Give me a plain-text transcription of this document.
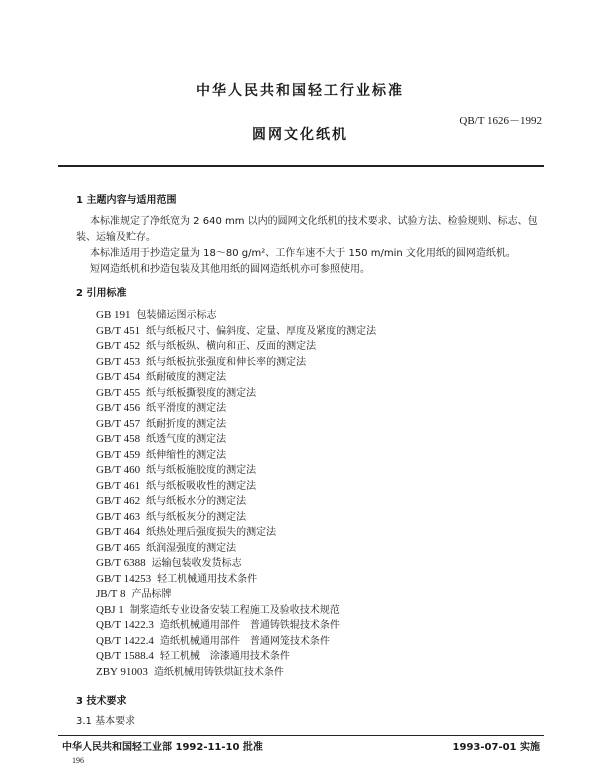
中华人民共和国轻工行业标准
QB/T 1626－1992
圆网文化纸机
1 主题内容与适用范围
本标准规定了净纸宽为 2 640 mm 以内的圆网文化纸机的技术要求、试验方法、检验规则、标志、包
装、运输及贮存。
本标准适用于抄造定量为 18～80 g/m²、工作车速不大于 150 m/min 文化用纸的圆网造纸机。
短网造纸机和抄造包装及其他用纸的圆网造纸机亦可参照使用。
2 引用标准
GB 191 包装储运图示标志
GB/T 451 纸与纸板尺寸、偏斜度、定量、厚度及紧度的测定法
GB/T 452 纸与纸板纵、横向和正、反面的测定法
GB/T 453 纸与纸板抗张强度和伸长率的测定法
GB/T 454 纸耐破度的测定法
GB/T 455 纸与纸板撕裂度的测定法
GB/T 456 纸平滑度的测定法
GB/T 457 纸耐折度的测定法
GB/T 458 纸透气度的测定法
GB/T 459 纸伸缩性的测定法
GB/T 460 纸与纸板施胶度的测定法
GB/T 461 纸与纸板吸收性的测定法
GB/T 462 纸与纸板水分的测定法
GB/T 463 纸与纸板灰分的测定法
GB/T 464 纸热处理后强度损失的测定法
GB/T 465 纸润湿强度的测定法
GB/T 6388 运输包装收发货标志
GB/T 14253 轻工机械通用技术条件
JB/T 8 产品标牌
QBJ 1 制浆造纸专业设备安装工程施工及验收技术规范
QB/T 1422.3 造纸机械通用部件　普通铸铁辊技术条件
QB/T 1422.4 造纸机械通用部件　普通网笼技术条件
QB/T 1588.4 轻工机械　涂漆通用技术条件
ZBY 91003 造纸机械用铸铁烘缸技术条件
3 技术要求
3.1 基本要求
中华人民共和国轻工业部 1992-11-10 批准	1993-07-01 实施
196
